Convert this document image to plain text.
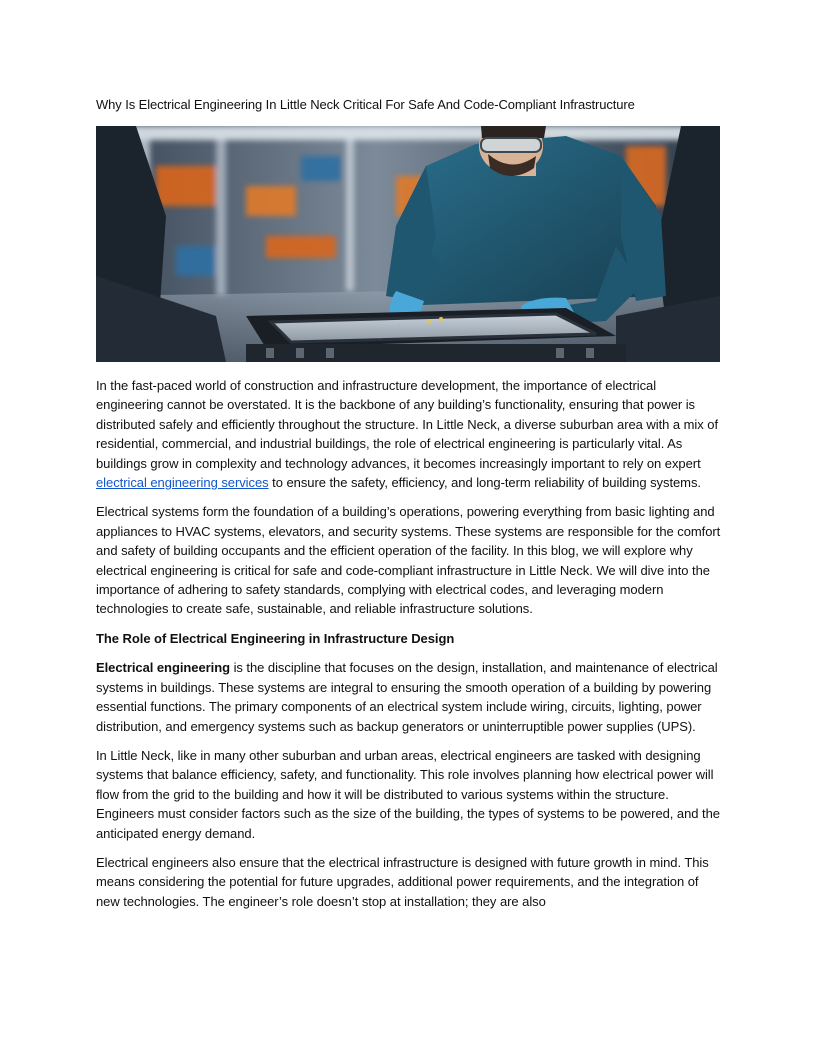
Why Is Electrical Engineering In Little Neck Critical For Safe And Code-Compliant Infrastructure

In the fast-paced world of construction and infrastructure development, the importance of electrical engineering cannot be overstated. It is the backbone of any building’s functionality, ensuring that power is distributed safely and efficiently throughout the structure. In Little Neck, a diverse suburban area with a mix of residential, commercial, and industrial buildings, the role of electrical engineering is particularly vital. As buildings grow in complexity and technology advances, it becomes increasingly important to rely on expert electrical engineering services to ensure the safety, efficiency, and long-term reliability of building systems.

Electrical systems form the foundation of a building’s operations, powering everything from basic lighting and appliances to HVAC systems, elevators, and security systems. These systems are responsible for the comfort and safety of building occupants and the efficient operation of the facility. In this blog, we will explore why electrical engineering is critical for safe and code-compliant infrastructure in Little Neck. We will dive into the importance of adhering to safety standards, complying with electrical codes, and leveraging modern technologies to create safe, sustainable, and reliable infrastructure solutions.

The Role of Electrical Engineering in Infrastructure Design

Electrical engineering is the discipline that focuses on the design, installation, and maintenance of electrical systems in buildings. These systems are integral to ensuring the smooth operation of a building by powering essential functions. The primary components of an electrical system include wiring, circuits, lighting, power distribution, and emergency systems such as backup generators or uninterruptible power supplies (UPS).

In Little Neck, like in many other suburban and urban areas, electrical engineers are tasked with designing systems that balance efficiency, safety, and functionality. This role involves planning how electrical power will flow from the grid to the building and how it will be distributed to various systems within the structure. Engineers must consider factors such as the size of the building, the types of systems to be powered, and the anticipated energy demand.

Electrical engineers also ensure that the electrical infrastructure is designed with future growth in mind. This means considering the potential for future upgrades, additional power requirements, and the integration of new technologies. The engineer’s role doesn’t stop at installation; they are also
